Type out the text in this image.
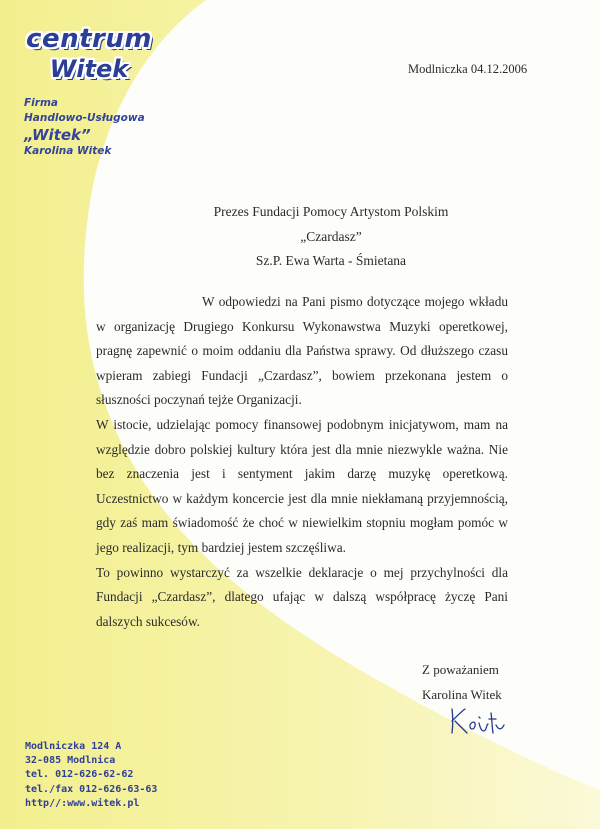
centrum
Witek
Firma
Handlowo-Usługowa
„Witek”
Karolina Witek
Modlniczka 04.12.2006
Prezes Fundacji Pomocy Artystom Polskim
„Czardasz”
Sz.P. Ewa Warta - Śmietana

W odpowiedzi na Pani pismo dotyczące mojego wkładu w organizację Drugiego Konkursu Wykonawstwa Muzyki operetkowej, pragnę zapewnić o moim oddaniu dla Państwa sprawy. Od dłuższego czasu wpieram zabiegi Fundacji „Czardasz”, bowiem przekonana jestem o słuszności poczynań tejże Organizacji.

W istocie, udzielając pomocy finansowej podobnym inicjatywom, mam na względzie dobro polskiej kultury która jest dla mnie niezwykle ważna. Nie bez znaczenia jest i sentyment jakim darzę muzykę operetkową. Uczestnictwo w każdym koncercie jest dla mnie niekłamaną przyjemnością, gdy zaś mam świadomość że choć w niewielkim stopniu mogłam pomóc w jego realizacji, tym bardziej jestem szczęśliwa.

To powinno wystarczyć za wszelkie deklaracje o mej przychylności dla Fundacji „Czardasz”, dlatego ufając w dalszą współpracę życzę Pani dalszych sukcesów.

Z poważaniem
Karolina Witek
Modlniczka 124 A
32-085 Modlnica
tel. 012-626-62-62
tel./fax 012-626-63-63
http//:www.witek.pl
